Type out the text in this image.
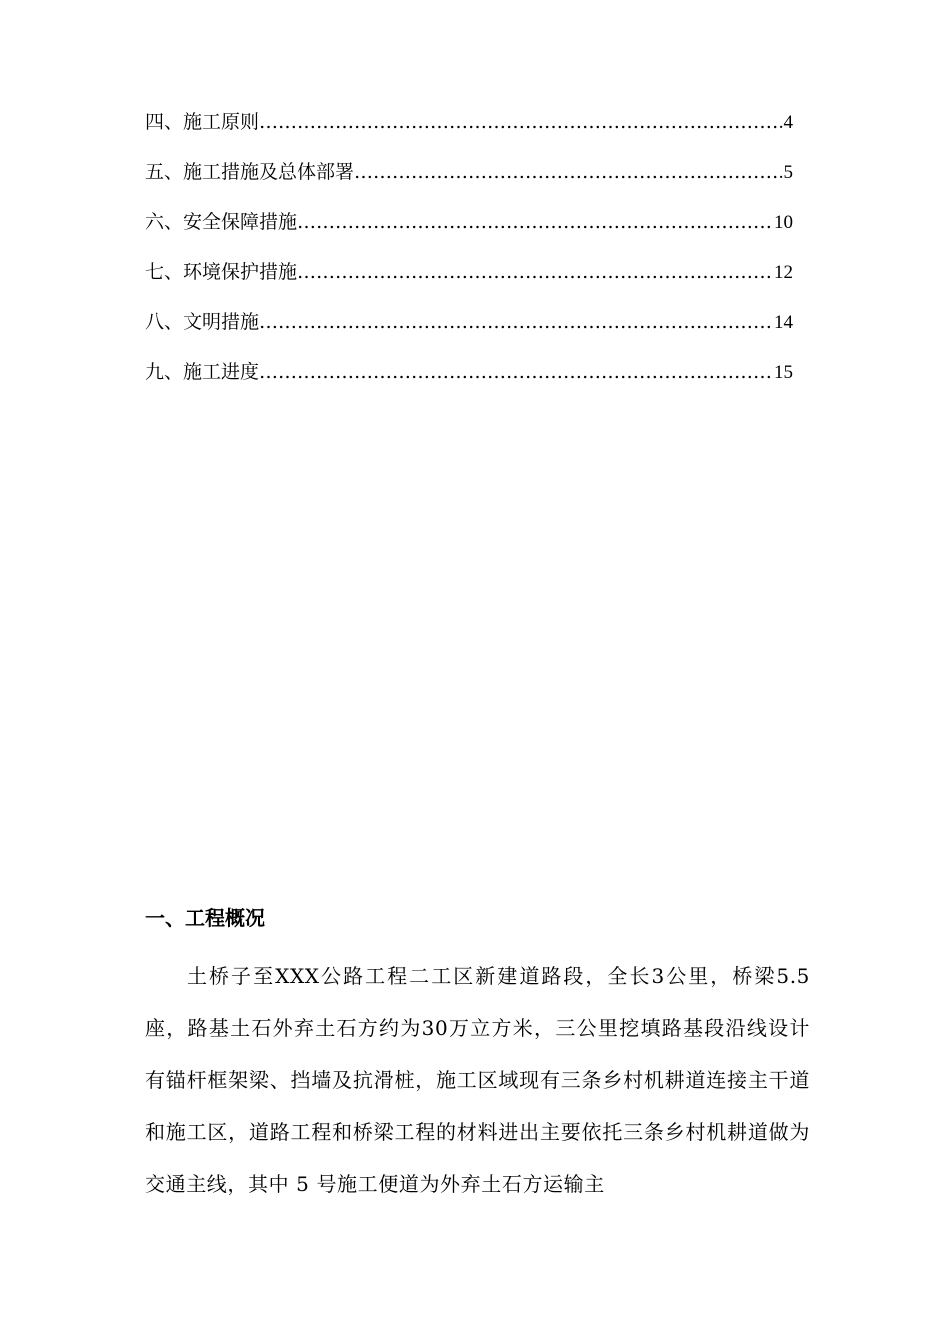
四、施工原则 ……………………………………………………………………………………………………………………………………	.4
五、施工措施及总体部署 ……………………………………………………………………………………………………………………………………	.5
六、安全保障措施 ……………………………………………………………………………………………………………………………………	10
七、环境保护措施 ……………………………………………………………………………………………………………………………………	12
八、文明措施 ……………………………………………………………………………………………………………………………………	14
九、施工进度 ……………………………………………………………………………………………………………………………………	15
一、工程概况

土桥子至XXX公路工程二工区新建道路段，全长3公里，桥梁5.5座，路基土石外弃土石方约为30万立方米，三公里挖填路基段沿线设计有锚杆框架梁、挡墙及抗滑桩，施工区域现有三条乡村机耕道连接主干道和施工区，道路工程和桥梁工程的材料进出主要依托三条乡村机耕道做为交通主线，其中 5 号施工便道为外弃土石方运输主
